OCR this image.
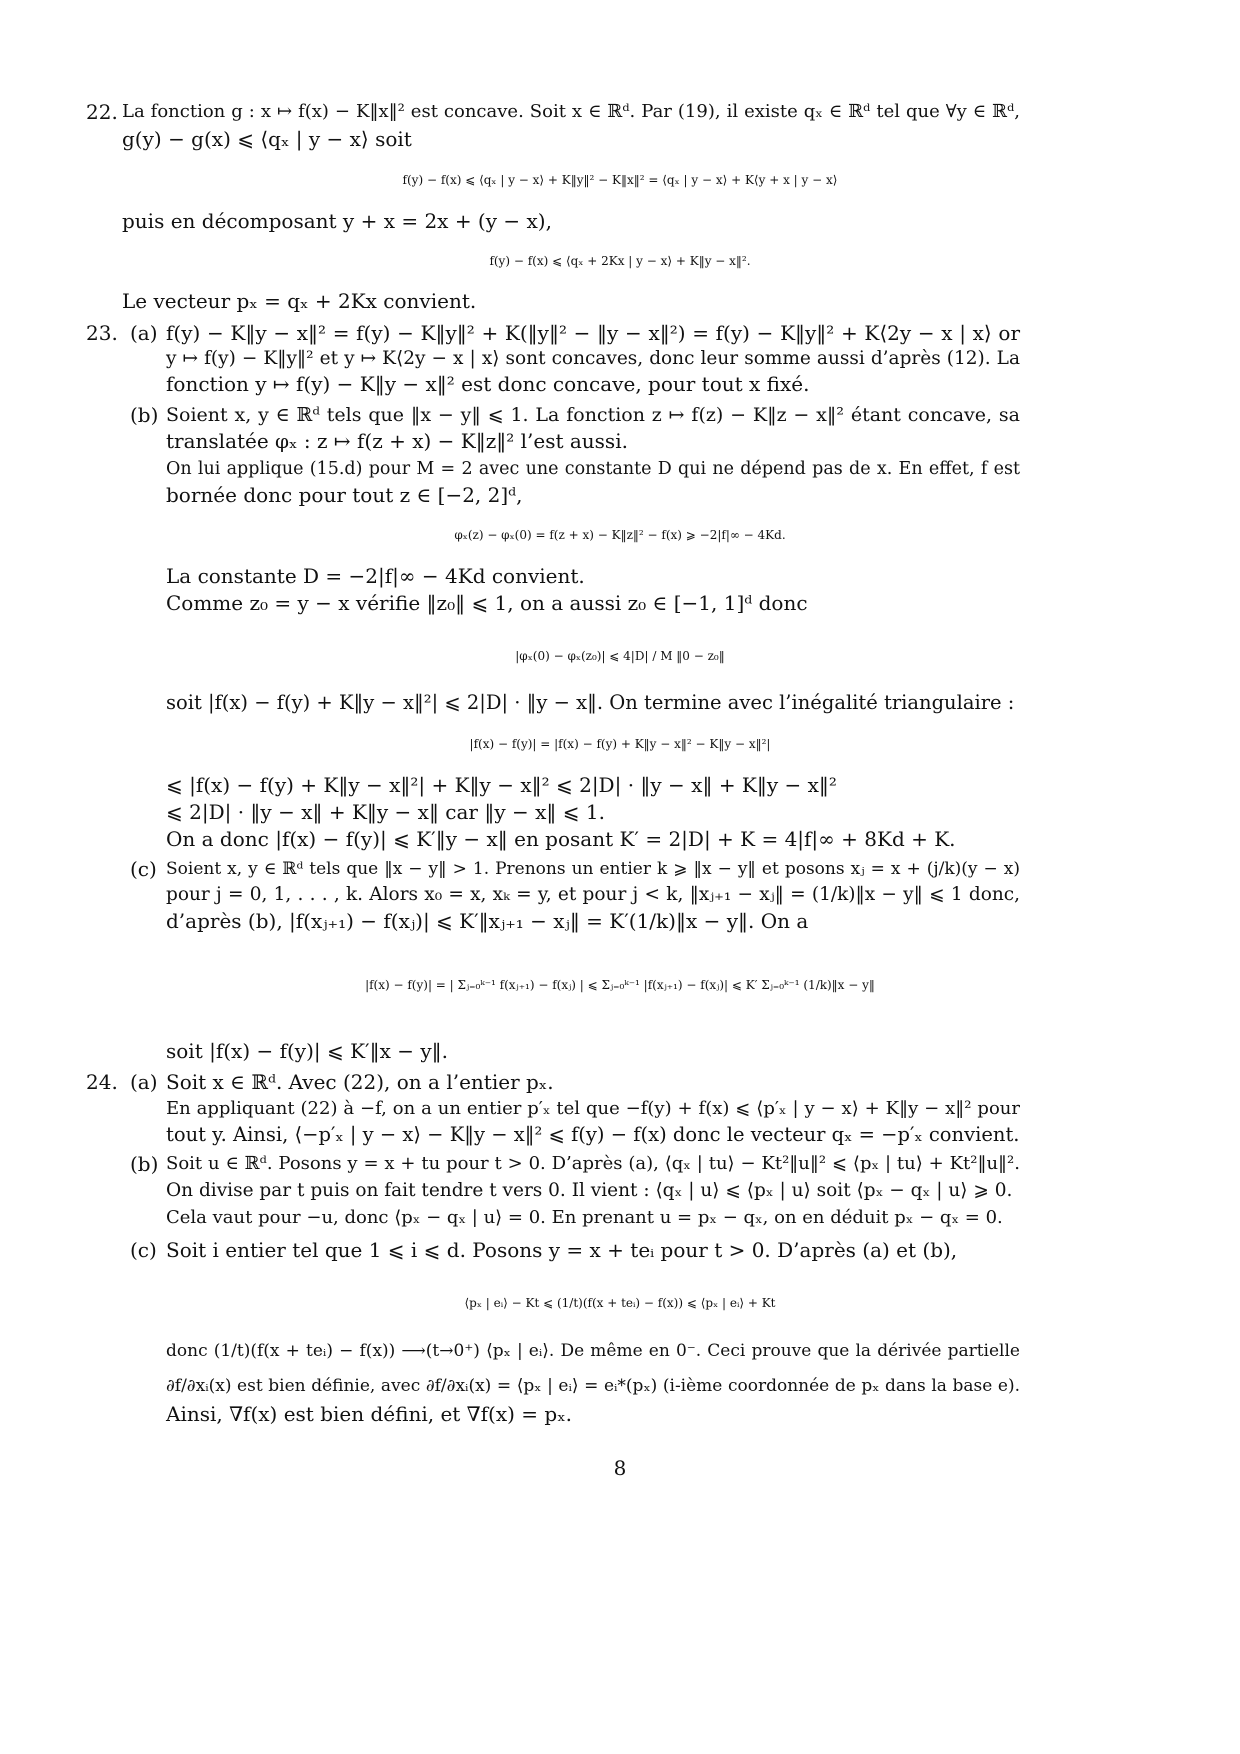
22. La fonction g : x ↦ f(x) − K‖x‖² est concave. Soit x ∈ ℝᵈ. Par (19), il existe qₓ ∈ ℝᵈ tel que ∀y ∈ ℝᵈ,
g(y) − g(x) ⩽ ⟨qₓ | y − x⟩ soit
f(y) − f(x) ⩽ ⟨qₓ | y − x⟩ + K‖y‖² − K‖x‖² = ⟨qₓ | y − x⟩ + K⟨y + x | y − x⟩
puis en décomposant y + x = 2x + (y − x),
f(y) − f(x) ⩽ ⟨qₓ + 2Kx | y − x⟩ + K‖y − x‖².
Le vecteur pₓ = qₓ + 2Kx convient.
23. (a) f(y) − K‖y − x‖² = f(y) − K‖y‖² + K(‖y‖² − ‖y − x‖²) = f(y) − K‖y‖² + K⟨2y − x | x⟩ or
y ↦ f(y) − K‖y‖² et y ↦ K⟨2y − x | x⟩ sont concaves, donc leur somme aussi d’après (12). La
fonction y ↦ f(y) − K‖y − x‖² est donc concave, pour tout x fixé.
(b) Soient x, y ∈ ℝᵈ tels que ‖x − y‖ ⩽ 1. La fonction z ↦ f(z) − K‖z − x‖² étant concave, sa
translatée φₓ : z ↦ f(z + x) − K‖z‖² l’est aussi.
On lui applique (15.d) pour M = 2 avec une constante D qui ne dépend pas de x. En effet, f est
bornée donc pour tout z ∈ [−2, 2]ᵈ,
φₓ(z) − φₓ(0) = f(z + x) − K‖z‖² − f(x) ⩾ −2|f|∞ − 4Kd.
La constante D = −2|f|∞ − 4Kd convient.
Comme z₀ = y − x vérifie ‖z₀‖ ⩽ 1, on a aussi z₀ ∈ [−1, 1]ᵈ donc
|φₓ(0) − φₓ(z₀)| ⩽ 4|D| / M ‖0 − z₀‖
soit |f(x) − f(y) + K‖y − x‖²| ⩽ 2|D| · ‖y − x‖. On termine avec l’inégalité triangulaire :
|f(x) − f(y)| = |f(x) − f(y) + K‖y − x‖² − K‖y − x‖²|
⩽ |f(x) − f(y) + K‖y − x‖²| + K‖y − x‖² ⩽ 2|D| · ‖y − x‖ + K‖y − x‖²
⩽ 2|D| · ‖y − x‖ + K‖y − x‖ car ‖y − x‖ ⩽ 1.
On a donc |f(x) − f(y)| ⩽ K′‖y − x‖ en posant K′ = 2|D| + K = 4|f|∞ + 8Kd + K.
(c) Soient x, y ∈ ℝᵈ tels que ‖x − y‖ > 1. Prenons un entier k ⩾ ‖x − y‖ et posons xⱼ = x + (j/k)(y − x)
pour j = 0, 1, . . . , k. Alors x₀ = x, xₖ = y, et pour j < k, ‖xⱼ₊₁ − xⱼ‖ = (1/k)‖x − y‖ ⩽ 1 donc,
d’après (b), |f(xⱼ₊₁) − f(xⱼ)| ⩽ K′‖xⱼ₊₁ − xⱼ‖ = K′(1/k)‖x − y‖. On a
|f(x) − f(y)| = | Σⱼ₌₀ᵏ⁻¹ f(xⱼ₊₁) − f(xⱼ) | ⩽ Σⱼ₌₀ᵏ⁻¹ |f(xⱼ₊₁) − f(xⱼ)| ⩽ K′ Σⱼ₌₀ᵏ⁻¹ (1/k)‖x − y‖
soit |f(x) − f(y)| ⩽ K′‖x − y‖.
24. (a) Soit x ∈ ℝᵈ. Avec (22), on a l’entier pₓ.
En appliquant (22) à −f, on a un entier p′ₓ tel que −f(y) + f(x) ⩽ ⟨p′ₓ | y − x⟩ + K‖y − x‖² pour
tout y. Ainsi, ⟨−p′ₓ | y − x⟩ − K‖y − x‖² ⩽ f(y) − f(x) donc le vecteur qₓ = −p′ₓ convient.
(b) Soit u ∈ ℝᵈ. Posons y = x + tu pour t > 0. D’après (a), ⟨qₓ | tu⟩ − Kt²‖u‖² ⩽ ⟨pₓ | tu⟩ + Kt²‖u‖².
On divise par t puis on fait tendre t vers 0. Il vient : ⟨qₓ | u⟩ ⩽ ⟨pₓ | u⟩ soit ⟨pₓ − qₓ | u⟩ ⩾ 0.
Cela vaut pour −u, donc ⟨pₓ − qₓ | u⟩ = 0. En prenant u = pₓ − qₓ, on en déduit pₓ − qₓ = 0.
(c) Soit i entier tel que 1 ⩽ i ⩽ d. Posons y = x + teᵢ pour t > 0. D’après (a) et (b),
⟨pₓ | eᵢ⟩ − Kt ⩽ (1/t)(f(x + teᵢ) − f(x)) ⩽ ⟨pₓ | eᵢ⟩ + Kt
donc (1/t)(f(x + teᵢ) − f(x)) ⟶(t→0⁺) ⟨pₓ | eᵢ⟩. De même en 0⁻. Ceci prouve que la dérivée partielle
∂f/∂xᵢ(x) est bien définie, avec ∂f/∂xᵢ(x) = ⟨pₓ | eᵢ⟩ = eᵢ*(pₓ) (i-ième coordonnée de pₓ dans la base e).
Ainsi, ∇f(x) est bien défini, et ∇f(x) = pₓ.
8
